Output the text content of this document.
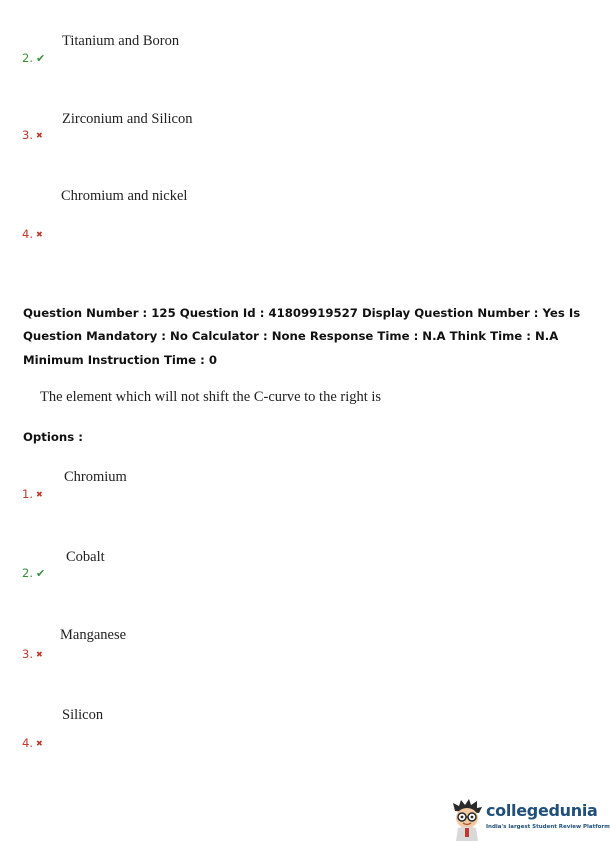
Titanium and Boron
2. ✔
Zirconium and Silicon
3. ✖
Chromium and nickel
4. ✖
Question Number : 125 Question Id : 41809919527 Display Question Number : Yes Is Question Mandatory : No Calculator : None Response Time : N.A Think Time : N.A Minimum Instruction Time : 0
The element which will not shift the C-curve to the right is
Options :
Chromium
1. ✖
Cobalt
2. ✔
Manganese
3. ✖
Silicon
4. ✖
collegedunia
India's largest Student Review Platform
